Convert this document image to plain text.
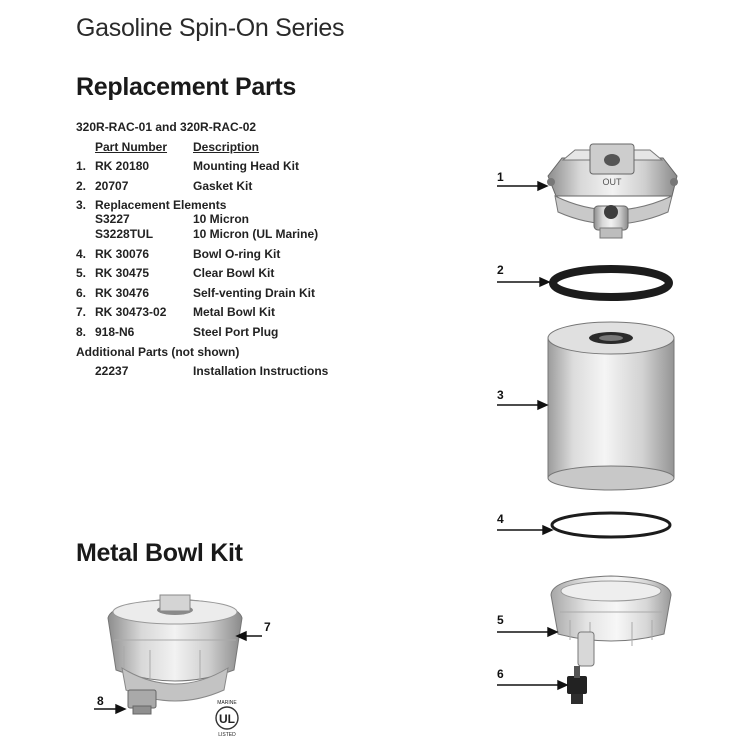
Gasoline Spin-On Series
Replacement Parts
320R-RAC-01 and 320R-RAC-02
Part Number Description
1. RK 20180	Mounting Head Kit
2. 20707	Gasket Kit
3. Replacement Elements
S3227	10 Micron
S3228TUL	10 Micron (UL Marine)
4. RK 30076	Bowl O-ring Kit
5. RK 30475	Clear Bowl Kit
6. RK 30476	Self-venting Drain Kit
7. RK 30473-02 Metal Bowl Kit
8. 918-N6	Steel Port Plug
Additional Parts (not shown)
22237	Installation Instructions
Metal Bowl Kit
OUT
UL
MARINE
LISTED
1
2
3
4
5
6
7
8
